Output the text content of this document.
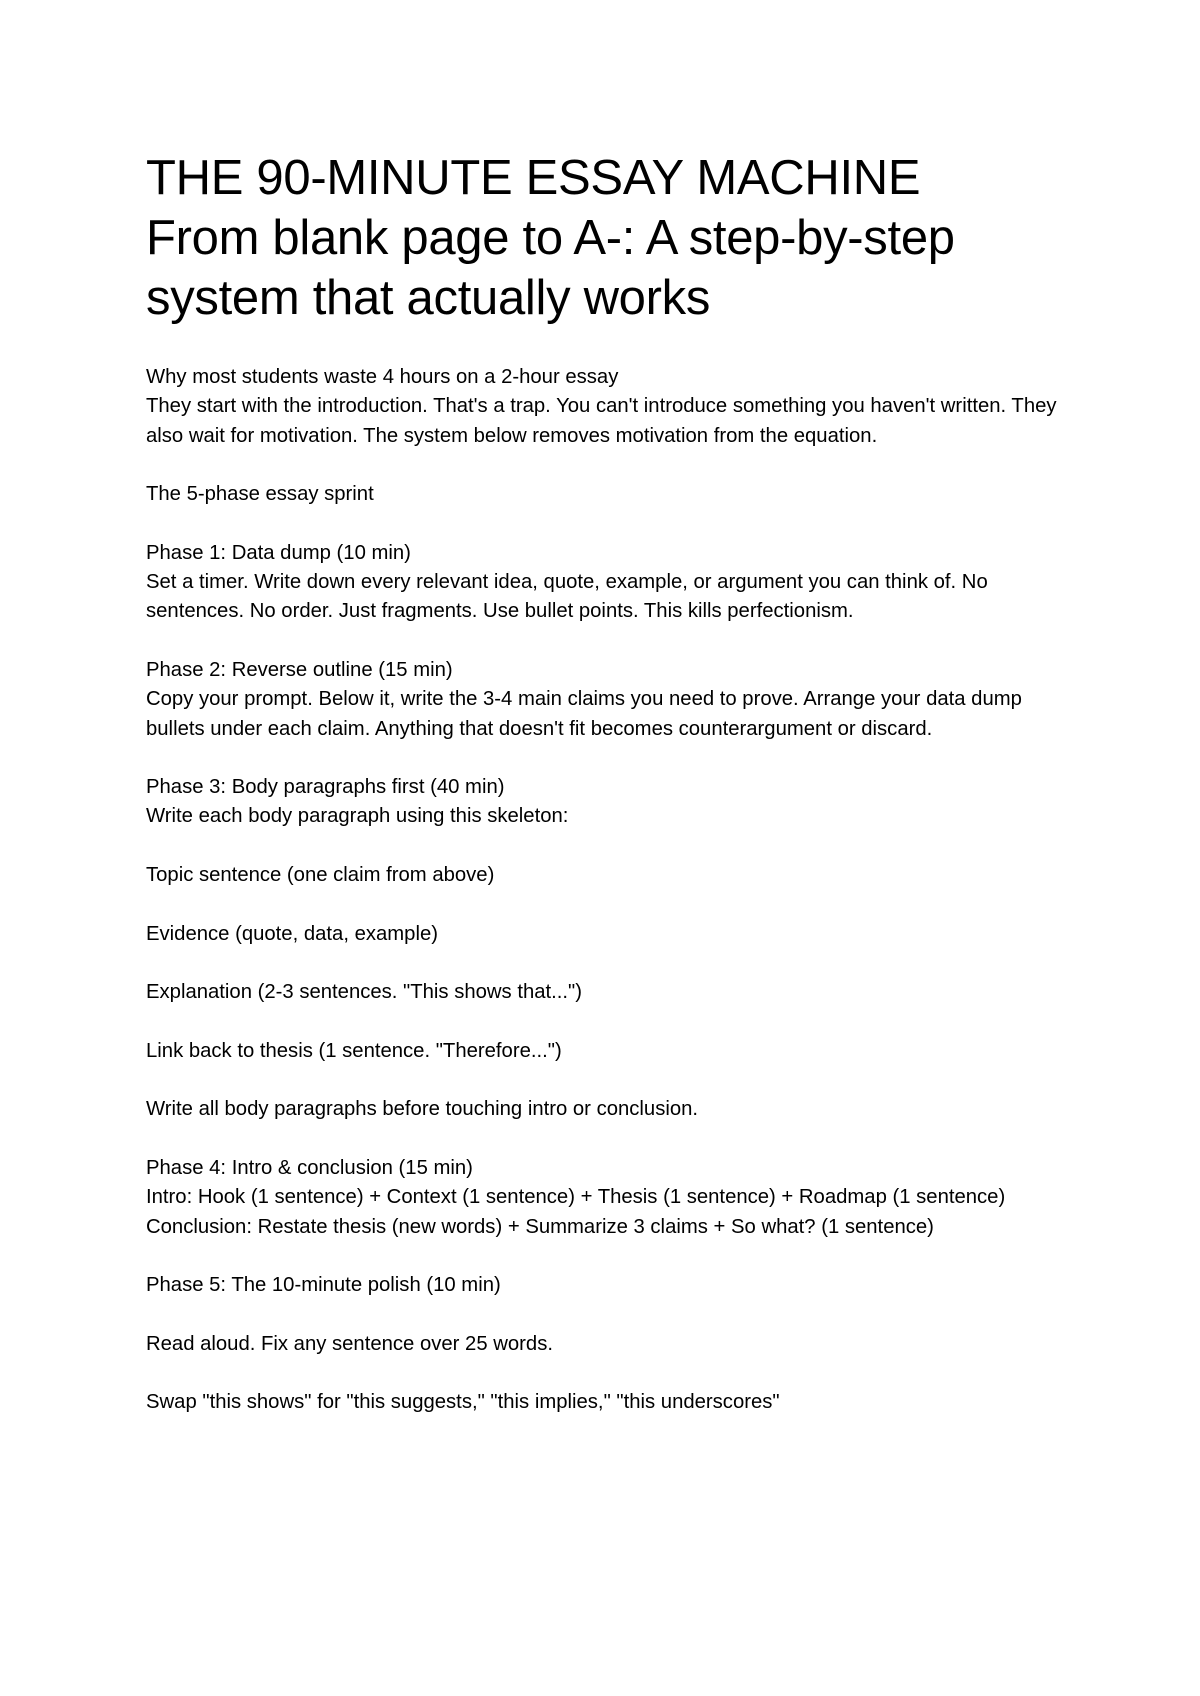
THE 90-MINUTE ESSAY MACHINE
From blank page to A-: A step-by-step
system that actually works

Why most students waste 4 hours on a 2-hour essay

They start with the introduction. That's a trap. You can't introduce something you haven't written. They also wait for motivation. The system below removes motivation from the equation.

The 5-phase essay sprint

Phase 1: Data dump (10 min)

Set a timer. Write down every relevant idea, quote, example, or argument you can think of. No sentences. No order. Just fragments. Use bullet points. This kills perfectionism.

Phase 2: Reverse outline (15 min)

Copy your prompt. Below it, write the 3-4 main claims you need to prove. Arrange your data dump bullets under each claim. Anything that doesn't fit becomes counterargument or discard.

Phase 3: Body paragraphs first (40 min)

Write each body paragraph using this skeleton:

Topic sentence (one claim from above)

Evidence (quote, data, example)

Explanation (2-3 sentences. "This shows that...")

Link back to thesis (1 sentence. "Therefore...")

Write all body paragraphs before touching intro or conclusion.

Phase 4: Intro & conclusion (15 min)

Intro: Hook (1 sentence) + Context (1 sentence) + Thesis (1 sentence) + Roadmap (1 sentence)

Conclusion: Restate thesis (new words) + Summarize 3 claims + So what? (1 sentence)

Phase 5: The 10-minute polish (10 min)

Read aloud. Fix any sentence over 25 words.

Swap "this shows" for "this suggests," "this implies," "this underscores"
